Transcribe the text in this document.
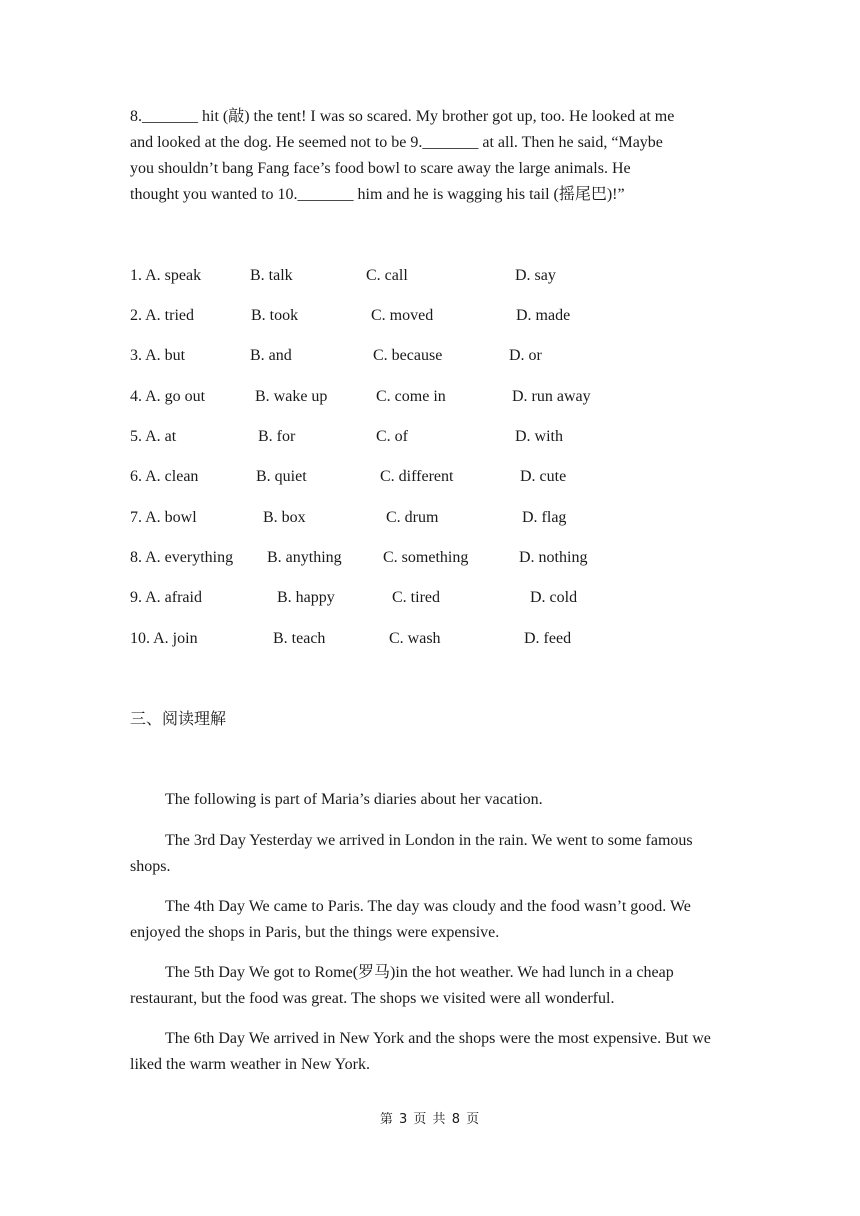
8._______ hit (敲) the tent! I was so scared. My brother got up, too. He looked at me
and looked at the dog. He seemed not to be 9._______ at all. Then he said, “Maybe
you shouldn’t bang Fang face’s food bowl to scare away the large animals. He
thought you wanted to 10._______ him and he is wagging his tail (摇尾巴)!”
1. A. speak	B. talk	C. call	D. say
2. A. tried	B. took	C. moved	D. made
3. A. but	B. and	C. because	D. or
4. A. go out	B. wake up	C. come in	D. run away
5. A. at	B. for	C. of	D. with
6. A. clean	B. quiet	C. different	D. cute
7. A. bowl	B. box	C. drum	D. flag
8. A. everything B. anything	C. something	D. nothing
9. A. afraid	B. happy	C. tired	D. cold
10. A. join	B. teach	C. wash	D. feed
三、阅读理解

The following is part of Maria’s diaries about her vacation.

The 3rd Day Yesterday we arrived in London in the rain. We went to some famous shops.

The 4th Day We came to Paris. The day was cloudy and the food wasn’t good. We enjoyed the shops in Paris, but the things were expensive.

The 5th Day We got to Rome(罗马)in the hot weather. We had lunch in a cheap restaurant, but the food was great. The shops we visited were all wonderful.

The 6th Day We arrived in New York and the shops were the most expensive. But we liked the warm weather in New York.

第 3 页 共 8 页
